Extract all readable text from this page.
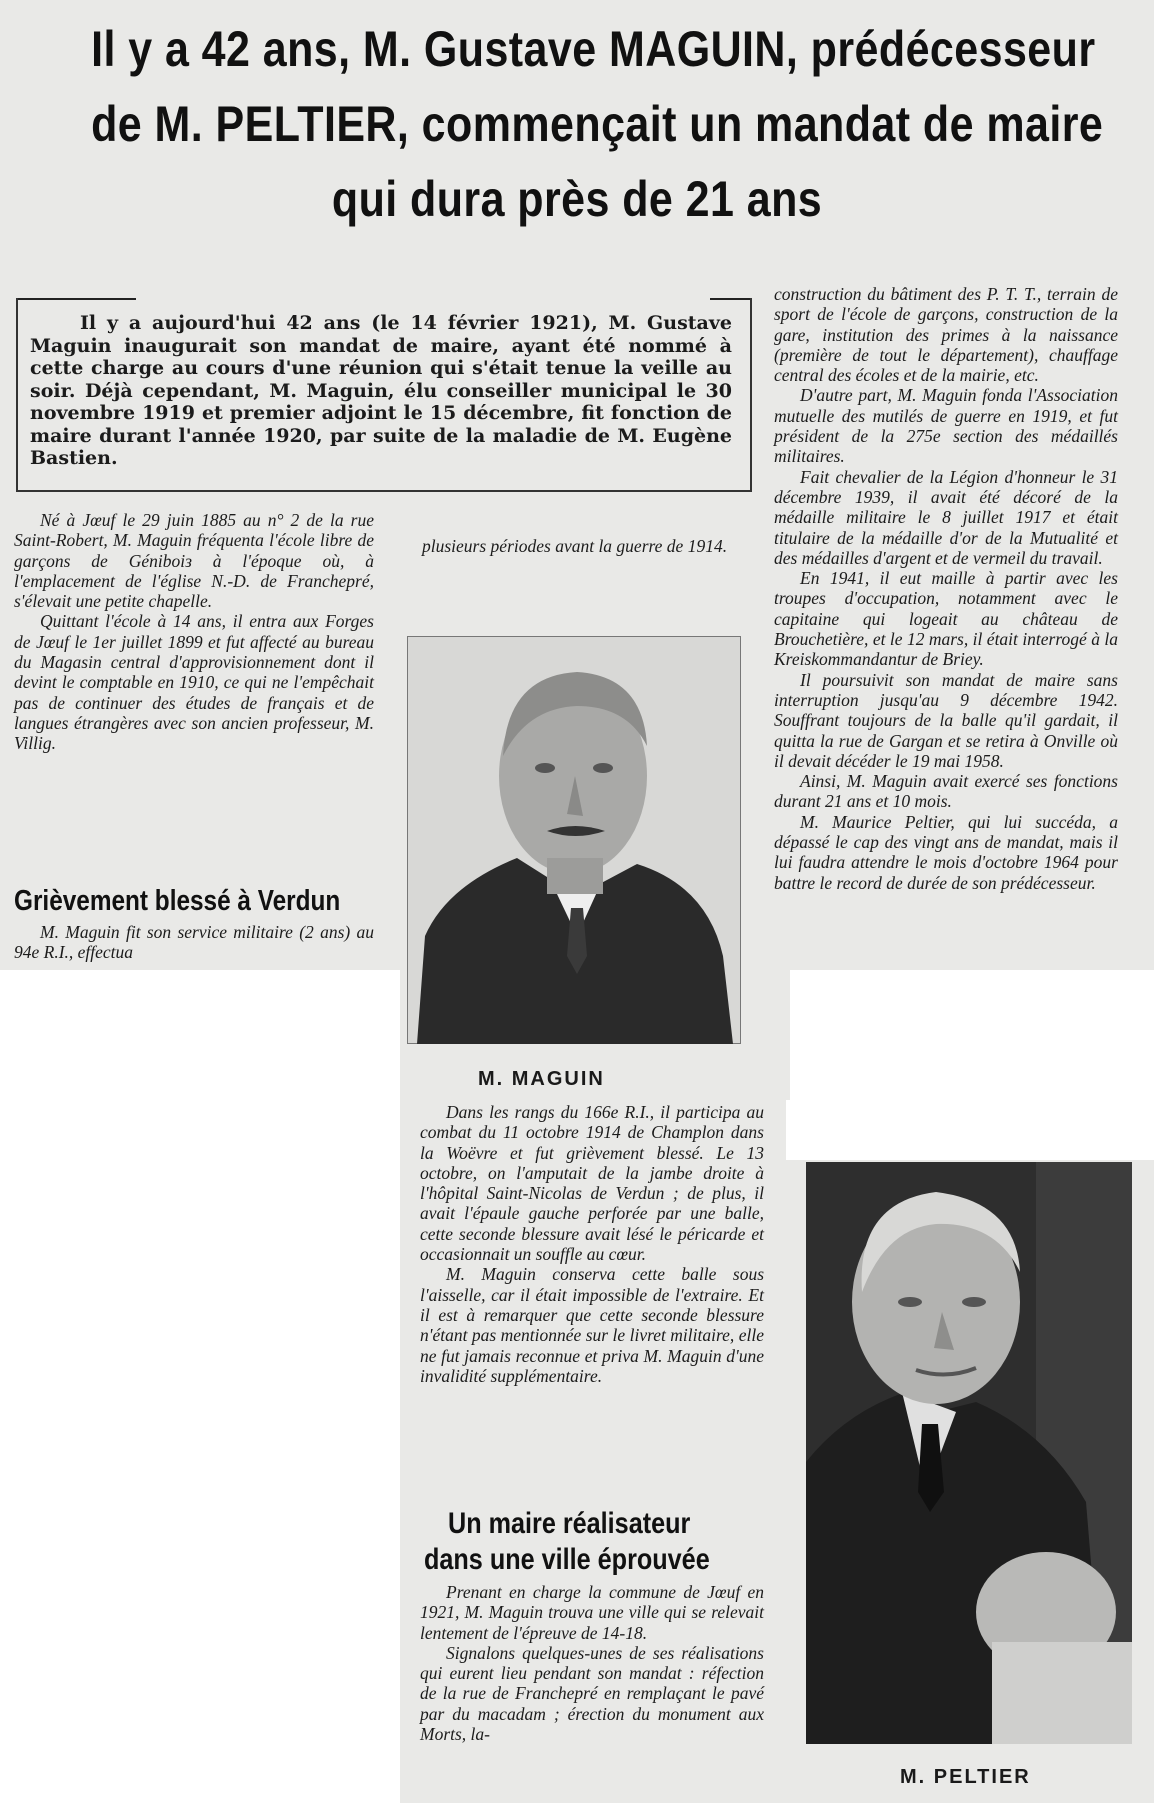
Il y a 42 ans, M. Gustave MAGUIN, prédécesseur
de M. PELTIER, commençait un mandat de maire
qui dura près de 21 ans
Il y a aujourd'hui 42 ans (le 14 février 1921), M. Gustave Maguin inaugurait son mandat de maire, ayant été nommé à cette charge au cours d'une réunion qui s'était tenue la veille au soir. Déjà cependant, M. Maguin, élu conseiller municipal le 30 novembre 1919 et premier adjoint le 15 décembre, fit fonction de maire durant l'année 1920, par suite de la maladie de M. Eugène Bastien.

Né à Jœuf le 29 juin 1885 au n° 2 de la rue Saint-Robert, M. Maguin fréquenta l'école libre de garçons de Géniboiз à l'époque où, à l'emplacement de l'église N.-D. de Franchepré, s'élevait une petite chapelle.

Quittant l'école à 14 ans, il entra aux Forges de Jœuf le 1er juillet 1899 et fut affecté au bureau du Magasin central d'approvisionnement dont il devint le comptable en 1910, ce qui ne l'empêchait pas de continuer des études de français et de langues étrangères avec son ancien professeur, M. Villig.

Grièvement blessé à Verdun

M. Maguin fit son service militaire (2 ans) au 94e R.I., effectua

plusieurs périodes avant la guerre de 1914.

M. MAGUIN

Dans les rangs du 166e R.I., il participa au combat du 11 octobre 1914 de Champlon dans la Woëvre et fut grièvement blessé. Le 13 octobre, on l'amputait de la jambe droite à l'hôpital Saint-Nicolas de Verdun ; de plus, il avait l'épaule gauche perforée par une balle, cette seconde blessure avait lésé le péricarde et occasionnait un souffle au cœur.

M. Maguin conserva cette balle sous l'aisselle, car il était impossible de l'extraire. Et il est à remarquer que cette seconde blessure n'étant pas mentionnée sur le livret militaire, elle ne fut jamais reconnue et priva M. Maguin d'une invalidité supplémentaire.

Un maire réalisateur
dans une ville éprouvée

Prenant en charge la commune de Jœuf en 1921, M. Maguin trouva une ville qui se relevait lentement de l'épreuve de 14-18.

Signalons quelques-unes de ses réalisations qui eurent lieu pendant son mandat : réfection de la rue de Franchepré en remplaçant le pavé par du macadam ; érection du monument aux Morts, la-

construction du bâtiment des P. T. T., terrain de sport de l'école de garçons, construction de la gare, institution des primes à la naissance (première de tout le département), chauffage central des écoles et de la mairie, etc.

D'autre part, M. Maguin fonda l'Association mutuelle des mutilés de guerre en 1919, et fut président de la 275e section des médaillés militaires.

Fait chevalier de la Légion d'honneur le 31 décembre 1939, il avait été décoré de la médaille militaire le 8 juillet 1917 et était titulaire de la médaille d'or de la Mutualité et des médailles d'argent et de vermeil du travail.

En 1941, il eut maille à partir avec les troupes d'occupation, notamment avec le capitaine qui logeait au château de Brouchetière, et le 12 mars, il était interrogé à la Kreiskommandantur de Briey.

Il poursuivit son mandat de maire sans interruption jusqu'au 9 décembre 1942. Souffrant toujours de la balle qu'il gardait, il quitta la rue de Gargan et se retira à Onville où il devait décéder le 19 mai 1958.

Ainsi, M. Maguin avait exercé ses fonctions durant 21 ans et 10 mois.

M. Maurice Peltier, qui lui succéda, a dépassé le cap des vingt ans de mandat, mais il lui faudra attendre le mois d'octobre 1964 pour battre le record de durée de son prédécesseur.

M. PELTIER
